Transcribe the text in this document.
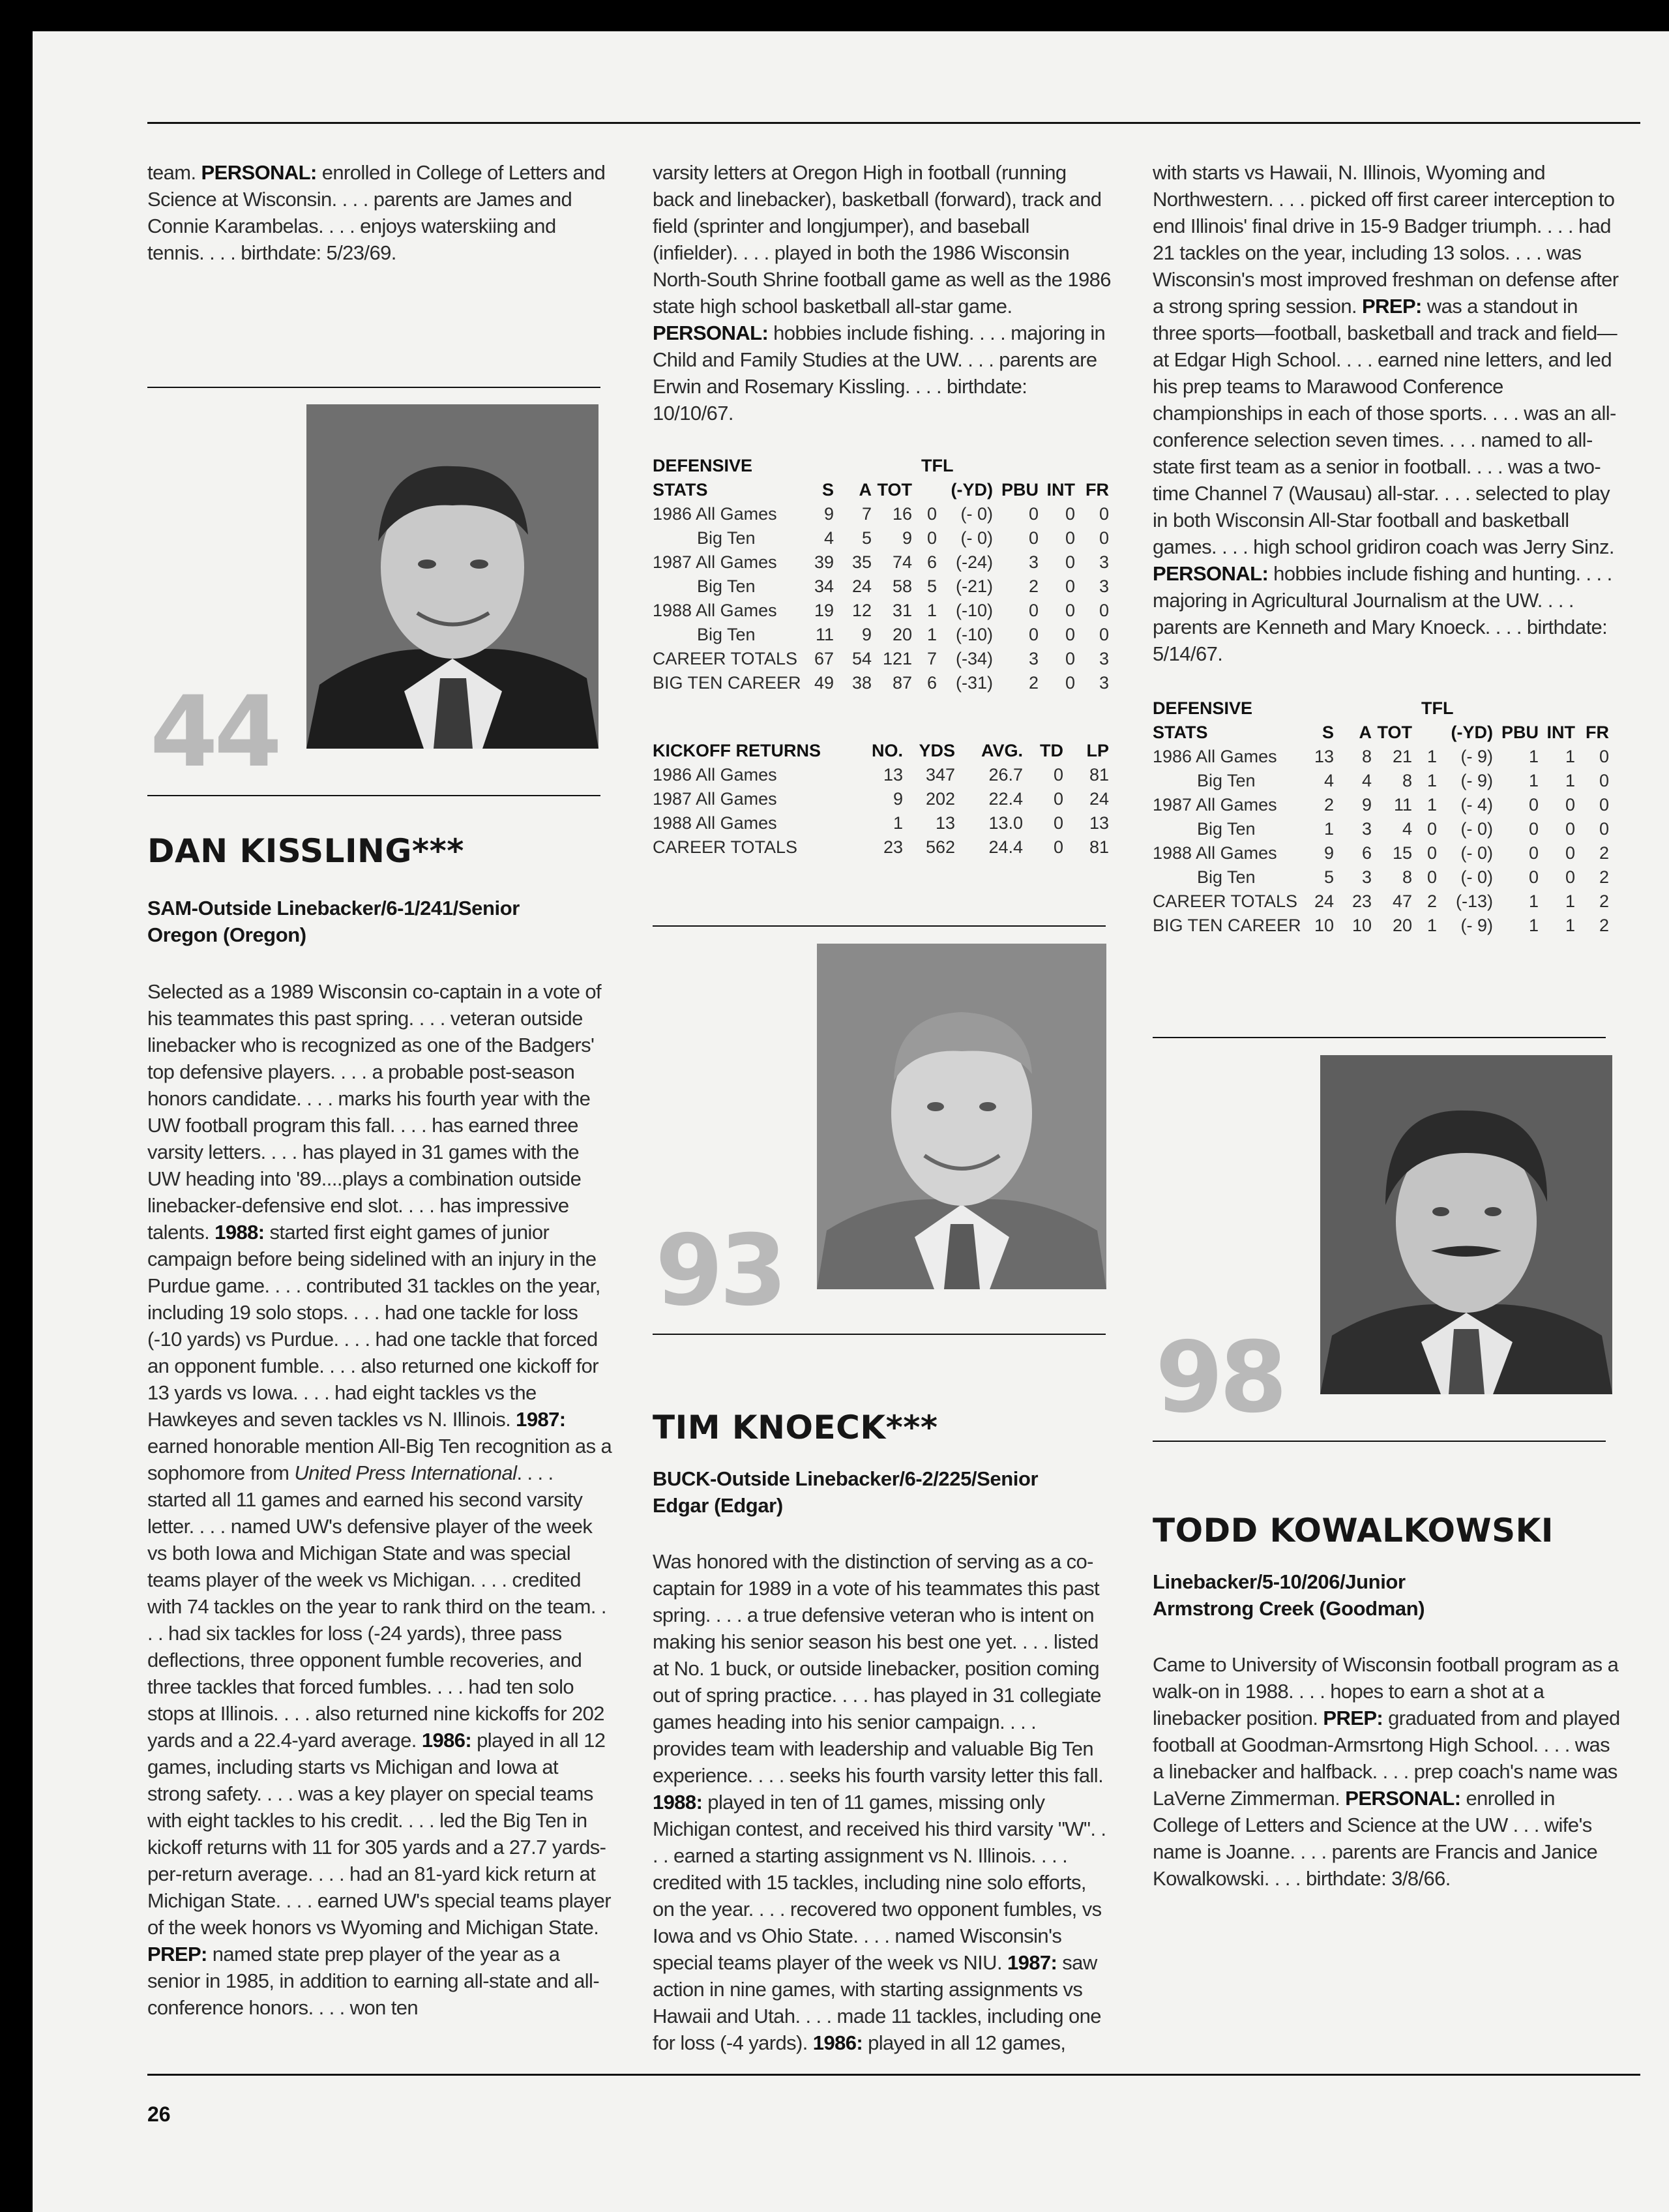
team. PERSONAL: enrolled in College of Letters and Science at Wisconsin. . . . parents are James and Connie Karambelas. . . . enjoys waterskiing and tennis. . . . birthdate: 5/23/69.
44
DAN KISSLING***
SAM-Outside Linebacker/6-1/241/Senior
Oregon (Oregon)
Selected as a 1989 Wisconsin co-captain in a vote of his teammates this past spring. . . . veteran outside linebacker who is recognized as one of the Badgers' top defensive players. . . . a probable post-season honors candidate. . . . marks his fourth year with the UW football program this fall. . . . has earned three varsity letters. . . . has played in 31 games with the UW heading into '89....plays a combination outside linebacker-defensive end slot. . . . has impressive talents. 1988: started first eight games of junior campaign before being sidelined with an injury in the Purdue game. . . . contributed 31 tackles on the year, including 19 solo stops. . . . had one tackle for loss (-10 yards) vs Purdue. . . . had one tackle that forced an opponent fumble. . . . also returned one kickoff for 13 yards vs Iowa. . . . had eight tackles vs the Hawkeyes and seven tackles vs N. Illinois. 1987: earned honorable mention All-Big Ten recognition as a sophomore from United Press International. . . . started all 11 games and earned his second varsity letter. . . . named UW's defensive player of the week vs both Iowa and Michigan State and was special teams player of the week vs Michigan. . . . credited with 74 tackles on the year to rank third on the team. . . . had six tackles for loss (-24 yards), three pass deflections, three opponent fumble recoveries, and three tackles that forced fumbles. . . . had ten solo stops at Illinois. . . . also returned nine kickoffs for 202 yards and a 22.4-yard average. 1986: played in all 12 games, including starts vs Michigan and Iowa at strong safety. . . . was a key player on special teams with eight tackles to his credit. . . . led the Big Ten in kickoff returns with 11 for 305 yards and a 27.7 yards-per-return average. . . . had an 81-yard kick return at Michigan State. . . . earned UW's special teams player of the week honors vs Wyoming and Michigan State. PREP: named state prep player of the year as a senior in 1985, in addition to earning all-state and all-conference honors. . . . won ten
varsity letters at Oregon High in football (running back and linebacker), basketball (forward), track and field (sprinter and longjumper), and baseball (infielder). . . . played in both the 1986 Wisconsin North-South Shrine football game as well as the 1986 state high school basketball all-star game. PERSONAL: hobbies include fishing. . . . majoring in Child and Family Studies at the UW. . . . parents are Erwin and Rosemary Kissling. . . . birthdate: 10/10/67.
DEFENSIVE				TFL				
STATS	S	A	TOT		(-YD)	PBU	INT	FR
1986 All Games	9	7	16	0	(- 0)	0	0	0
Big Ten	4	5	9	0	(- 0)	0	0	0
1987 All Games	39	35	74	6	(-24)	3	0	3
Big Ten	34	24	58	5	(-21)	2	0	3
1988 All Games	19	12	31	1	(-10)	0	0	0
Big Ten	11	9	20	1	(-10)	0	0	0
CAREER TOTALS	67	54	121	7	(-34)	3	0	3
BIG TEN CAREER	49	38	87	6	(-31)	2	0	3
KICKOFF RETURNS	NO.	YDS	AVG.	TD	LP
1986 All Games	13	347	26.7	0	81
1987 All Games	9	202	22.4	0	24
1988 All Games	1	13	13.0	0	13
CAREER TOTALS	23	562	24.4	0	81
93
TIM KNOECK***
BUCK-Outside Linebacker/6-2/225/Senior
Edgar (Edgar)
Was honored with the distinction of serving as a co-captain for 1989 in a vote of his teammates this past spring. . . . a true defensive veteran who is intent on making his senior season his best one yet. . . . listed at No. 1 buck, or outside linebacker, position coming out of spring practice. . . . has played in 31 collegiate games heading into his senior campaign. . . . provides team with leadership and valuable Big Ten experience. . . . seeks his fourth varsity letter this fall. 1988: played in ten of 11 games, missing only Michigan contest, and received his third varsity "W". . . . earned a starting assignment vs N. Illinois. . . . credited with 15 tackles, including nine solo efforts, on the year. . . . recovered two opponent fumbles, vs Iowa and vs Ohio State. . . . named Wisconsin's special teams player of the week vs NIU. 1987: saw action in nine games, with starting assignments vs Hawaii and Utah. . . . made 11 tackles, including one for loss (-4 yards). 1986: played in all 12 games,
with starts vs Hawaii, N. Illinois, Wyoming and Northwestern. . . . picked off first career interception to end Illinois' final drive in 15-9 Badger triumph. . . . had 21 tackles on the year, including 13 solos. . . . was Wisconsin's most improved freshman on defense after a strong spring session. PREP: was a standout in three sports—football, basketball and track and field—at Edgar High School. . . . earned nine letters, and led his prep teams to Marawood Conference championships in each of those sports. . . . was an all-conference selection seven times. . . . named to all-state first team as a senior in football. . . . was a two-time Channel 7 (Wausau) all-star. . . . selected to play in both Wisconsin All-Star football and basketball games. . . . high school gridiron coach was Jerry Sinz. PERSONAL: hobbies include fishing and hunting. . . . majoring in Agricultural Journalism at the UW. . . . parents are Kenneth and Mary Knoeck. . . . birthdate: 5/14/67.
DEFENSIVE				TFL				
STATS	S	A	TOT		(-YD)	PBU	INT	FR
1986 All Games	13	8	21	1	(- 9)	1	1	0
Big Ten	4	4	8	1	(- 9)	1	1	0
1987 All Games	2	9	11	1	(- 4)	0	0	0
Big Ten	1	3	4	0	(- 0)	0	0	0
1988 All Games	9	6	15	0	(- 0)	0	0	2
Big Ten	5	3	8	0	(- 0)	0	0	2
CAREER TOTALS	24	23	47	2	(-13)	1	1	2
BIG TEN CAREER	10	10	20	1	(- 9)	1	1	2
98
TODD KOWALKOWSKI
Linebacker/5-10/206/Junior
Armstrong Creek (Goodman)
Came to University of Wisconsin football program as a walk-on in 1988. . . . hopes to earn a shot at a linebacker position. PREP: graduated from and played football at Goodman-Armsrtong High School. . . . was a linebacker and halfback. . . . prep coach's name was LaVerne Zimmerman. PERSONAL: enrolled in College of Letters and Science at the UW . . . wife's name is Joanne. . . . parents are Francis and Janice Kowalkowski. . . . birthdate: 3/8/66.
26
